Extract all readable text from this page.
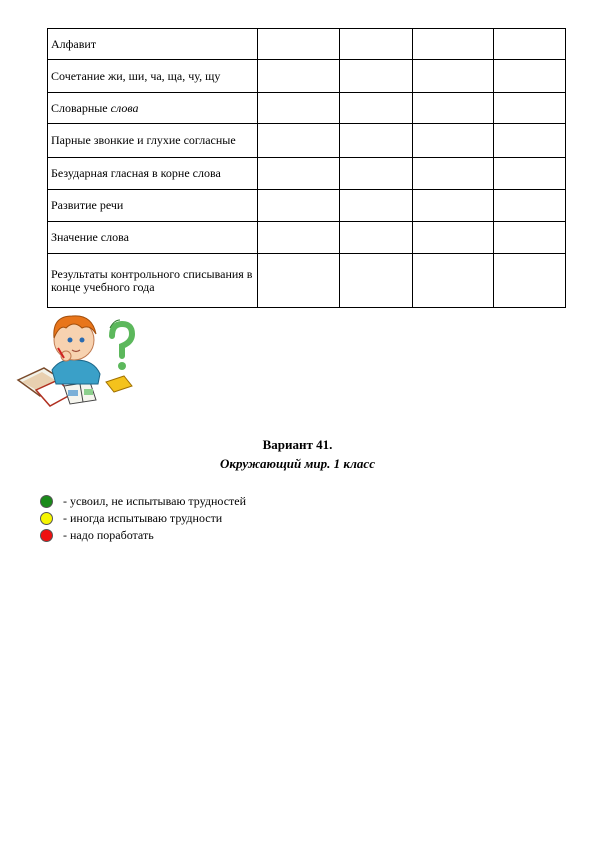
Алфавит				
Сочетание жи, ши, ча, ща, чу, щу				
Словарные слова				
Парные звонкие и глухие согласные				
Безударная гласная в корне слова				
Развитие речи				
Значение слова				
Результаты контрольного списывания в конце учебного года				
Вариант 41.
Окружающий мир. 1 класс
- усвоил, не испытываю трудностей
- иногда испытываю трудности
- надо поработать
